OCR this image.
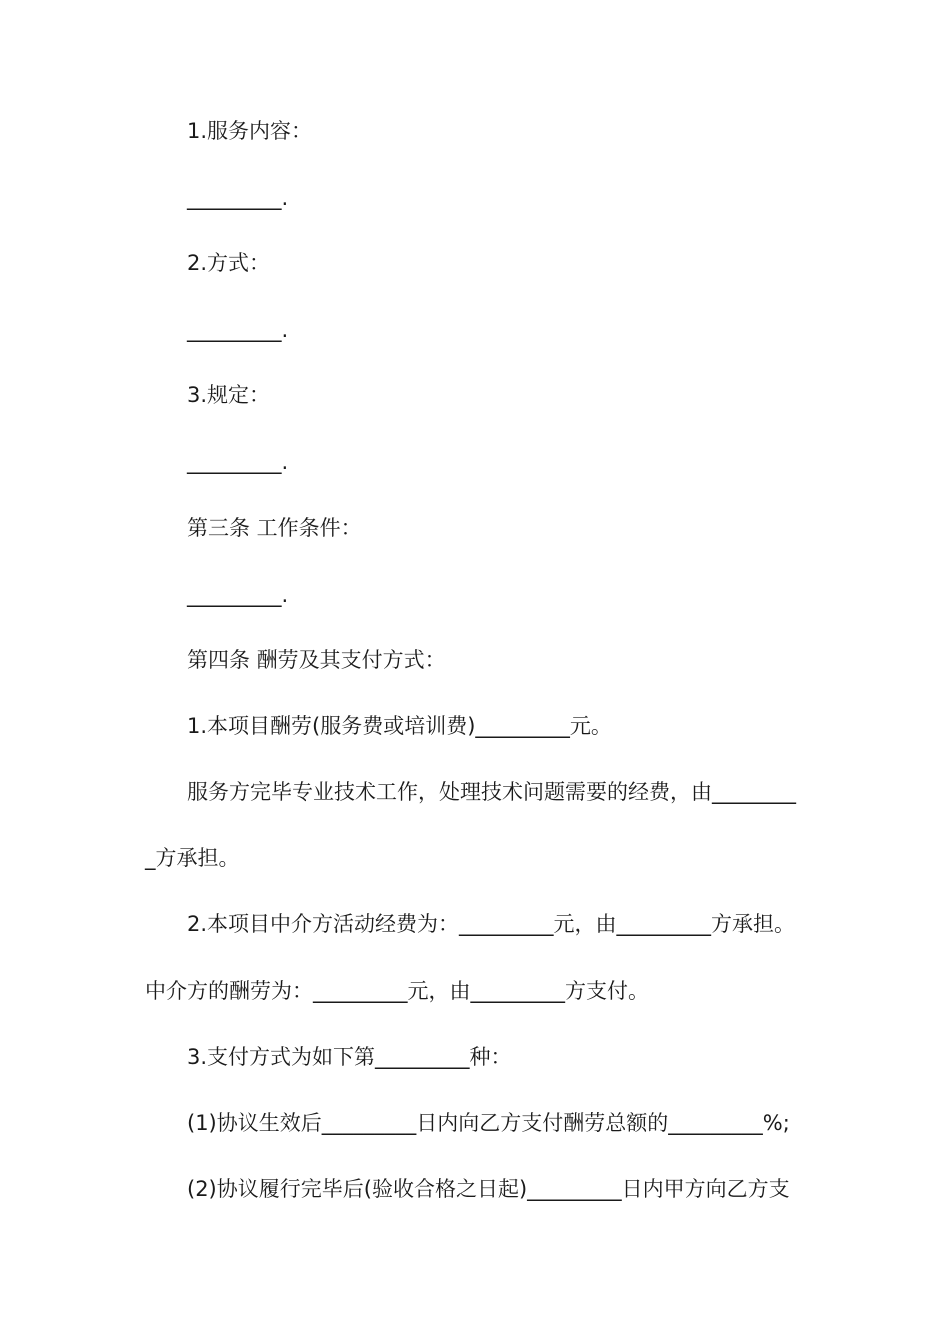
1.服务内容：
_________.
2.方式：
_________.
3.规定：
_________.
第三条 工作条件：
_________.
第四条 酬劳及其支付方式：
1.本项目酬劳(服务费或培训费)_________元。
服务方完毕专业技术工作，处理技术问题需要的经费，由________
_方承担。
2.本项目中介方活动经费为：_________元，由_________方承担。
中介方的酬劳为：_________元，由_________方支付。
3.支付方式为如下第_________种：
(1)协议生效后_________日内向乙方支付酬劳总额的_________%;
(2)协议履行完毕后(验收合格之日起)_________日内甲方向乙方支
